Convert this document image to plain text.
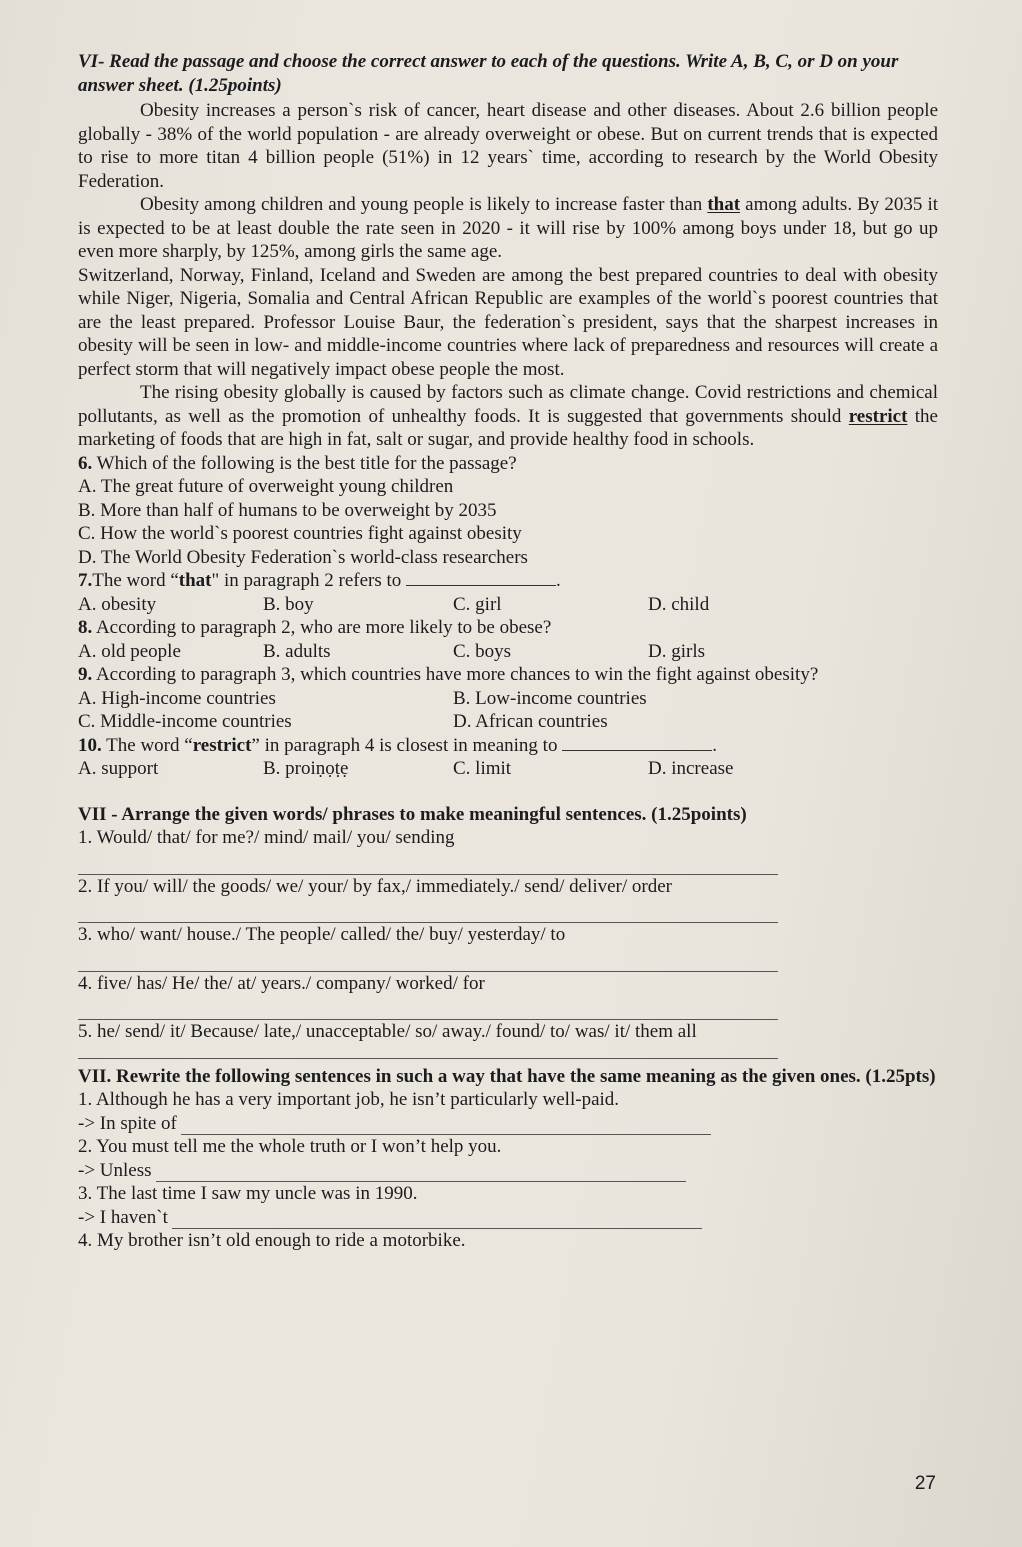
VI- Read the passage and choose the correct answer to each of the questions. Write A, B, C, or D on your answer sheet. (1.25points)

Obesity increases a person`s risk of cancer, heart disease and other diseases. About 2.6 billion people globally - 38% of the world population - are already overweight or obese. But on current trends that is expected to rise to more titan 4 billion people (51%) in 12 years` time, according to research by the World Obesity Federation.

Obesity among children and young people is likely to increase faster than that among adults. By 2035 it is expected to be at least double the rate seen in 2020 - it will rise by 100% among boys under 18, but go up even more sharply, by 125%, among girls the same age.

Switzerland, Norway, Finland, Iceland and Sweden are among the best prepared countries to deal with obesity while Niger, Nigeria, Somalia and Central African Republic are examples of the world`s poorest countries that are the least prepared. Professor Louise Baur, the federation`s president, says that the sharpest increases in obesity will be seen in low- and middle-income countries where lack of preparedness and resources will create a perfect storm that will negatively impact obese people the most.

The rising obesity globally is caused by factors such as climate change. Covid restrictions and chemical pollutants, as well as the promotion of unhealthy foods. It is suggested that governments should restrict the marketing of foods that are high in fat, salt or sugar, and provide healthy food in schools.

6. Which of the following is the best title for the passage?

A. The great future of overweight young children

B. More than half of humans to be overweight by 2035

C. How the world`s poorest countries fight against obesity

D. The World Obesity Federation`s world-class researchers

7.The word “that" in paragraph 2 refers to	.

A. obesity	B. boy	C. girl	D. child

8. According to paragraph 2, who are more likely to be obese?

A. old people	B. adults	C. boys	D. girls

9. According to paragraph 3, which countries have more chances to win the fight against obesity?

A. High-income countries	B. Low-income countries
C. Middle-income countries	D. African countries

10. The word “restrict” in paragraph 4 is closest in meaning to	.

A. support	B. proiṇọṭẹ	C. limit	D. increase
VII - Arrange the given words/ phrases to make meaningful sentences. (1.25points)

1. Would/ that/ for me?/ mind/ mail/ you/ sending

2. If you/ will/ the goods/ we/ your/ by fax,/ immediately./ send/ deliver/ order

3. who/ want/ house./ The people/ called/ the/ buy/ yesterday/ to

4. five/ has/ He/ the/ at/ years./ company/ worked/ for

5. he/ send/ it/ Because/ late,/ unacceptable/ so/ away./ found/ to/ was/ it/ them all

VII. Rewrite the following sentences in such a way that have the same meaning as the given ones. (1.25pts)

1. Although he has a very important job, he isn’t particularly well-paid.

-> In spite of

2. You must tell me the whole truth or I won’t help you.

-> Unless

3. The last time I saw my uncle was in 1990.

-> I haven`t

4. My brother isn’t old enough to ride a motorbike.

27
